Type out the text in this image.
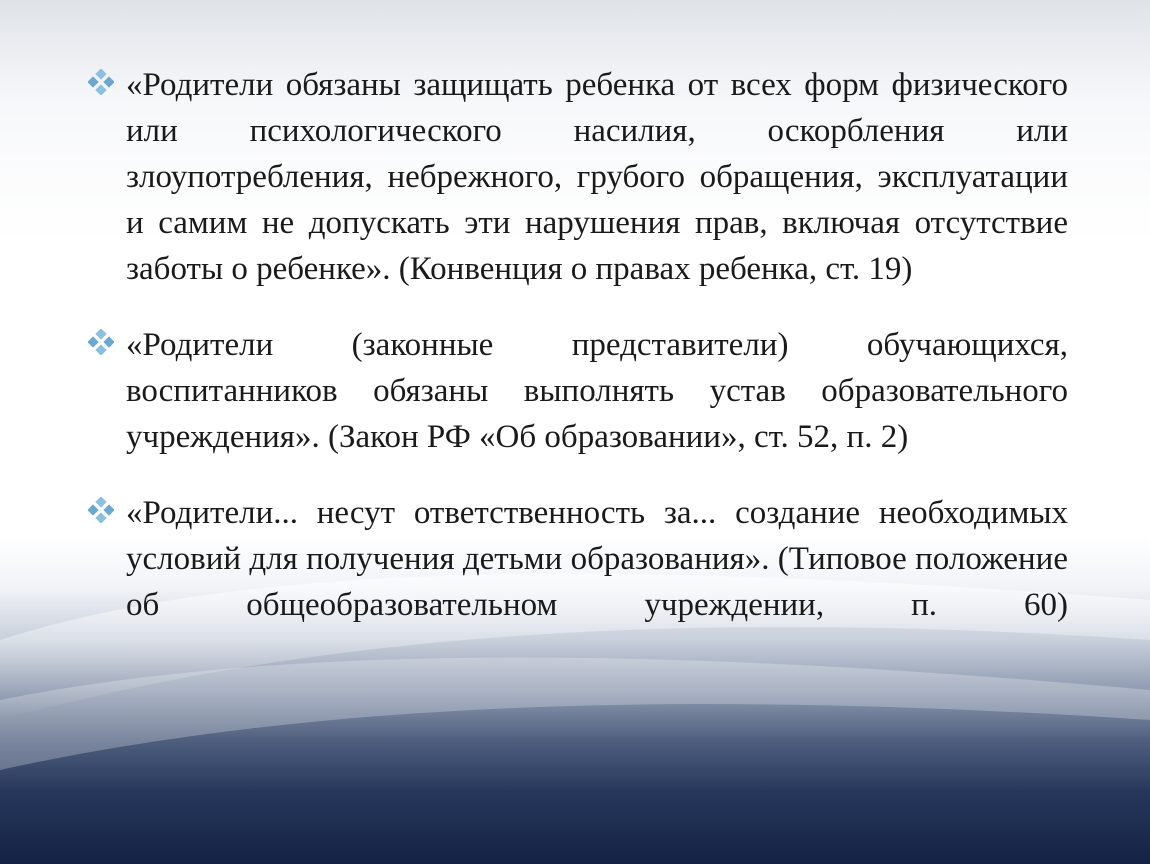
«Родители обязаны защищать ребенка от всех форм физического или психологического насилия, оскорбления или злоупотребления, небрежного, грубого обращения, эксплуатации и самим не допускать эти нарушения прав, включая отсутствие заботы о ребенке». (Конвенция о правах ребенка, ст. 19)
«Родители (законные представители) обучающихся, воспитанников обязаны выполнять устав образовательного учреждения». (Закон РФ «Об образовании», ст. 52, п. 2)
«Родители... несут ответственность за... создание необходимых условий для получения детьми образования». (Типовое положение об общеобразовательном учреждении, п. 60)
